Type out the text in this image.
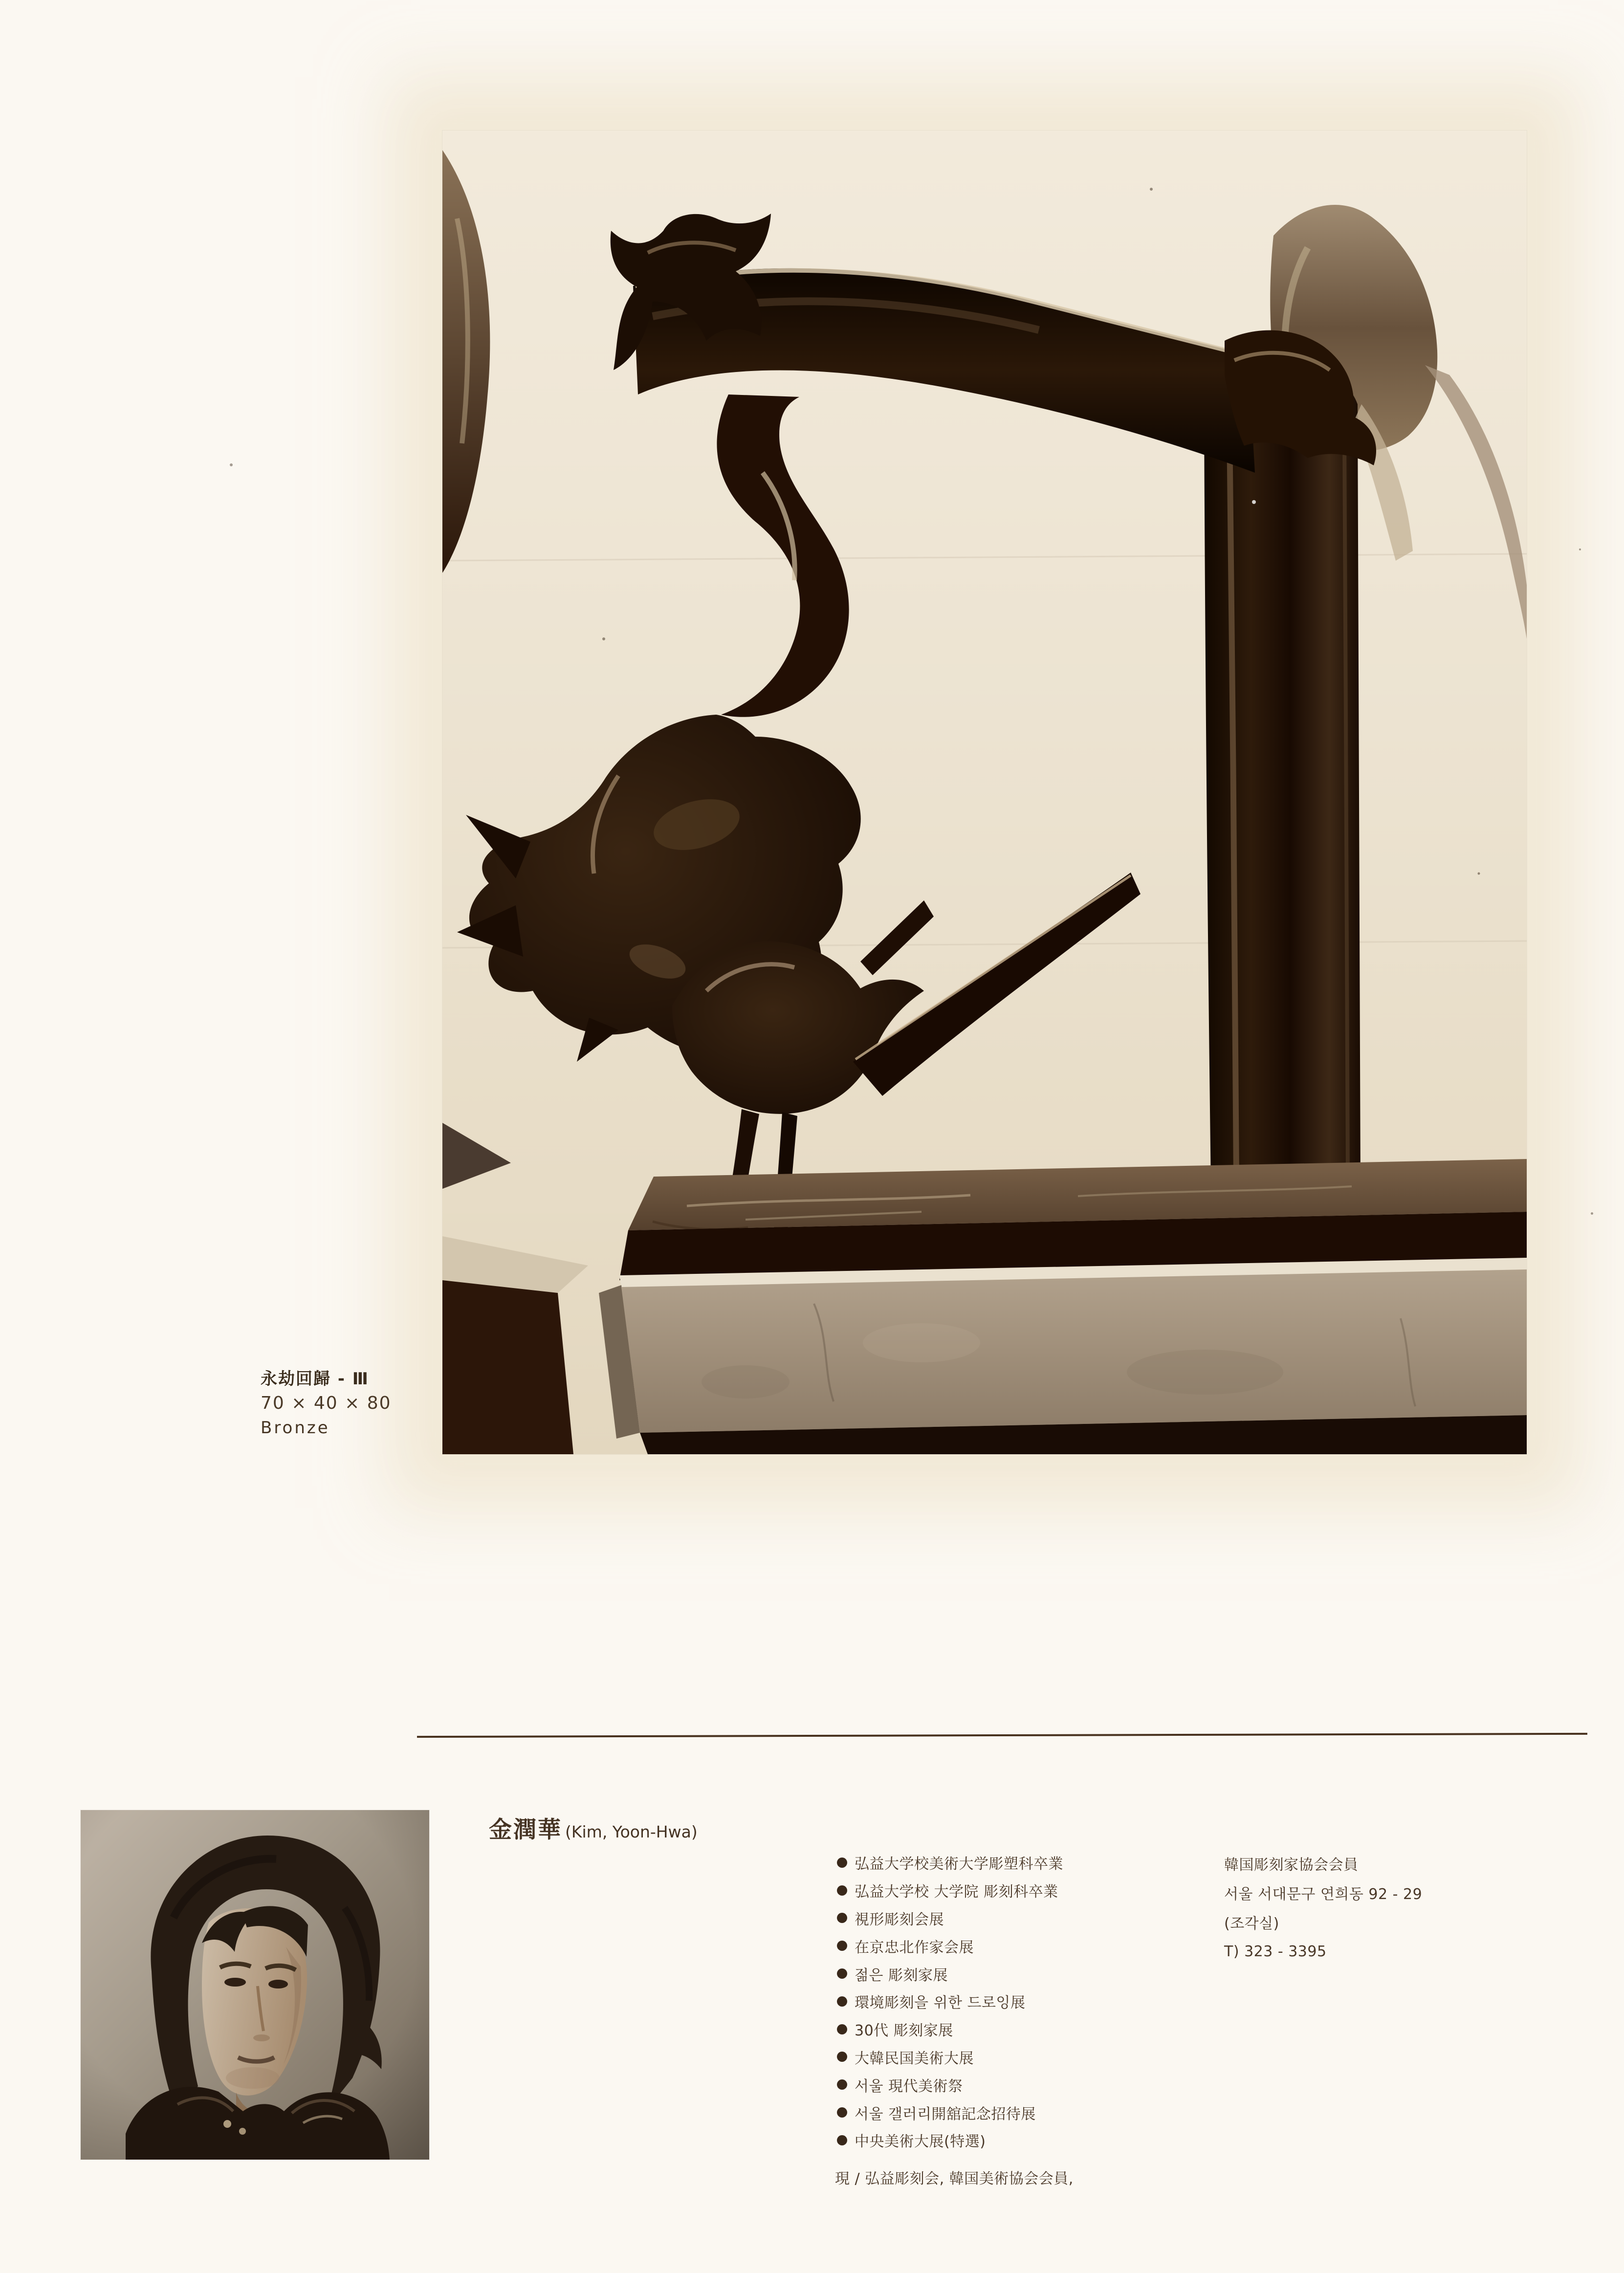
永劫回歸 - Ⅲ
70 × 40 × 80
Bronze
金潤華 (Kim, Yoon-Hwa)
弘益大学校美術大学彫塑科卒業
弘益大学校 大学院 彫刻科卒業
視形彫刻会展
在京忠北作家会展
젊은 彫刻家展
環境彫刻을 위한 드로잉展
30代 彫刻家展
大韓民国美術大展
서울 現代美術祭
서울 갤러리開舘記念招待展
中央美術大展(特選)
現 / 弘益彫刻会, 韓国美術協会会員,
韓国彫刻家協会会員
서울 서대문구 연희동 92 - 29
(조각실)
T) 323 - 3395
